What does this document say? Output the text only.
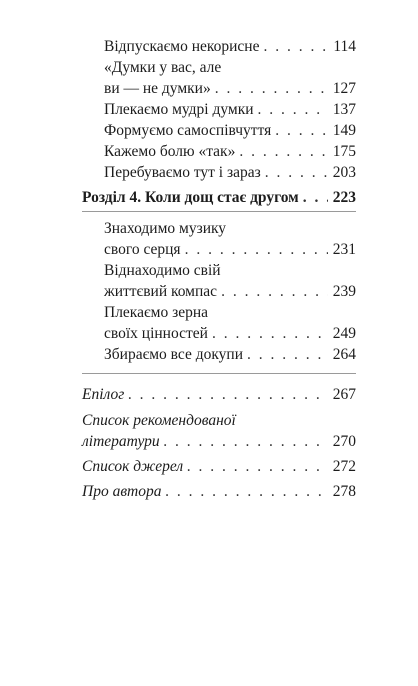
Відпускаємо некорисне . . .	114
«Думки у вас, але
ви — не думки» . . .	127
Плекаємо мудрі думки . . .	137
Формуємо самоспівчуття . . .	149
Кажемо болю «так» . . .	175
Перебуваємо тут і зараз . . .	203
Розділ 4. Коли дощ стає другом . . . 223
Знаходимо музику
свого серця . . .	231
Віднаходимо свій
життєвий компас . . .	239
Плекаємо зерна
своїх цінностей . . .	249
Збираємо все докупи . . .	264
Епілог . . .	267
Список рекомендованої
літератури . . .	270
Список джерел . . .	272
Про автора . . .	278
